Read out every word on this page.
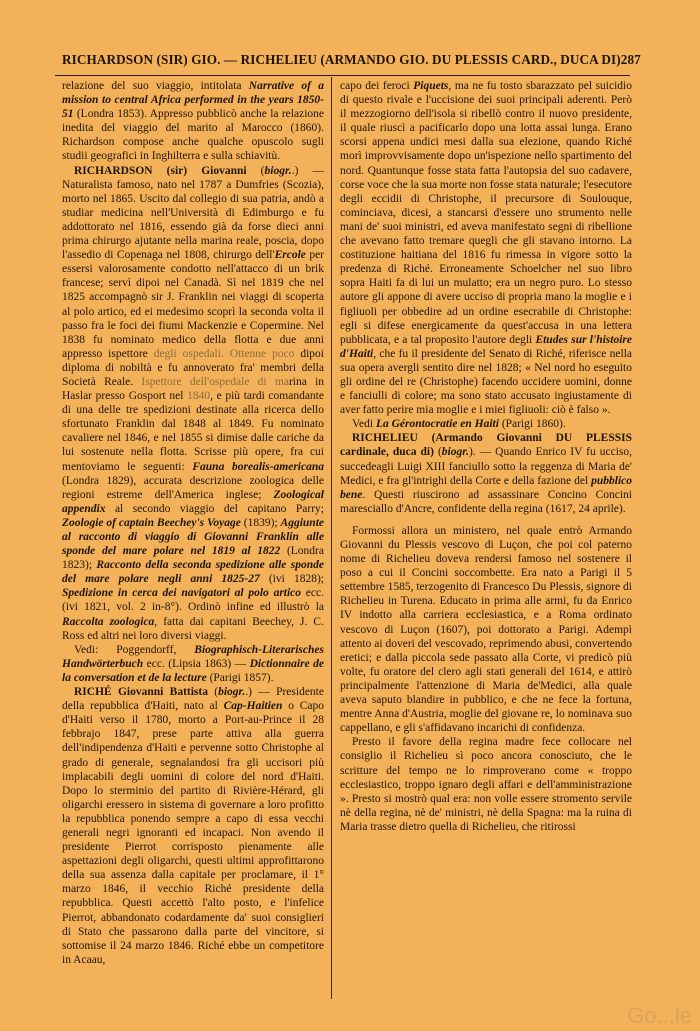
RICHARDSON (SIR) GIO. — RICHELIEU (ARMANDO GIO. DU PLESSIS CARD., DUCA DI) 287

relazione del suo viaggio, intitolata Narrative of a mission to central Africa performed in the years 1850-51 (Londra 1853). Appresso pubblicò anche la relazione inedita del viaggio del marito al Marocco (1860). Richardson compose anche qualche opuscolo sugli studii geografici in Inghilterra e sulla schiavitù.

RICHARDSON (sir) Giovanni (biogr..) — Naturalista famoso, nato nel 1787 a Dumfries (Scozia), morto nel 1865. Uscito dal collegio di sua patria, andò a studiar medicina nell'Università di Edimburgo e fu addottorato nel 1816, essendo già da forse dieci anni prima chirurgo ajutante nella marina reale, poscia, dopo l'assedio di Copenaga nel 1808, chirurgo dell'Ercole per essersi valorosamente condotto nell'attacco di un brik francese; servì dipoi nel Canadà. Sì nel 1819 che nel 1825 accompagnò sir J. Franklin nei viaggi di scoperta al polo artico, ed ei medesimo scoprì la seconda volta il passo fra le foci dei fiumi Mackenzie e Copermine. Nel 1838 fu nominato medico della flotta e due anni appresso ispettore degli ospedali. Ottenne poco dipoi diploma di nobiltà e fu annoverato fra' membri della Società Reale. Ispettore dell'ospedale di marina in Haslar presso Gosport nel 1840, e più tardi comandante di una delle tre spedizioni destinate alla ricerca dello sfortunato Franklin dal 1848 al 1849. Fu nominato cavaliere nel 1846, e nel 1855 si dimise dalle cariche da lui sostenute nella flotta. Scrisse più opere, fra cui mentoviamo le seguenti: Fauna borealis-americana (Londra 1829), accurata descrizione zoologica delle regioni estreme dell'America inglese; Zoological appendix al secondo viaggio del capitano Parry; Zoologie of captain Beechey's Voyage (1839); Aggiunte al racconto di viaggio di Giovanni Franklin alle sponde del mare polare nel 1819 al 1822 (Londra 1823); Racconto della seconda spedizione alle sponde del mare polare negli anni 1825-27 (ivi 1828); Spedizione in cerca dei navigatori al polo artico ecc. (ivi 1821, vol. 2 in-8°). Ordinò infine ed illustrò la Raccolta zoologica, fatta dai capitani Beechey, J. C. Ross ed altri nei loro diversi viaggi.

Vedi: Poggendorff, Biographisch-Literarisches Handwörterbuch ecc. (Lipsia 1863) — Dictionnaire de la conversation et de la lecture (Parigi 1857).

RICHÉ Giovanni Battista (biogr..) — Presidente della repubblica d'Haiti, nato al Cap-Haitien o Capo d'Haiti verso il 1780, morto a Port-au-Prince il 28 febbrajo 1847, prese parte attiva alla guerra dell'indipendenza d'Haiti e pervenne sotto Christophe al grado di generale, segnalandosi fra gli uccisori più implacabili degli uomini di colore del nord d'Haiti. Dopo lo sterminio del partito di Rivière-Hérard, gli oligarchi eressero in sistema di governare a loro profitto la repubblica ponendo sempre a capo di essa vecchi generali negri ignoranti ed incapaci. Non avendo il presidente Pierrot corrisposto pienamente alle aspettazioni degli oligarchi, questi ultimi approfittarono della sua assenza dalla capitale per proclamare, il 1° marzo 1846, il vecchio Riché presidente della repubblica. Questi accettò l'alto posto, e l'infelice Pierrot, abbandonato codardamente da' suoi consiglieri di Stato che passarono dalla parte del vincitore, si sottomise il 24 marzo 1846. Riché ebbe un competitore in Acaau,

capo dei feroci Piquets, ma ne fu tosto sbarazzato pel suicidio di questo rivale e l'uccisione dei suoi principali aderenti. Però il mezzogiorno dell'isola si ribellò contro il nuovo presidente, il quale riuscì a pacificarlo dopo una lotta assai lunga. Erano scorsi appena undici mesi dalla sua elezione, quando Riché morì improvvisamente dopo un'ispezione nello spartimento del nord. Quantunque fosse stata fatta l'autopsia del suo cadavere, corse voce che la sua morte non fosse stata naturale; l'esecutore degli eccidii di Christophe, il precursore di Soulouque, cominciava, dicesi, a stancarsi d'essere uno strumento nelle mani de' suoi ministri, ed aveva manifestato segni di ribellione che avevano fatto tremare quegli che gli stavano intorno. La costituzione haitiana del 1816 fu rimessa in vigore sotto la predenza di Riché. Erroneamente Schoelcher nel suo libro sopra Haiti fa di lui un mulatto; era un negro puro. Lo stesso autore gli appone di avere ucciso di propria mano la moglie e i figliuoli per obbedire ad un ordine esecrabile di Christophe: egli si difese energicamente da quest'accusa in una lettera pubblicata, e a tal proposito l'autore degli Etudes sur l'histoire d'Haiti, che fu il presidente del Senato di Riché, riferisce nella sua opera avergli sentito dire nel 1828; « Nel nord ho eseguito gli ordine del re (Christophe) facendo uccidere uomini, donne e fanciulli di colore; ma sono stato accusato ingiustamente di aver fatto perire mia moglie e i miei figliuoli: ciò è falso ».

Vedi La Gérontocratie en Haiti (Parigi 1860).

RICHELIEU (Armando Giovanni DU PLESSIS cardinale, duca di) (biogr.). — Quando Enrico IV fu ucciso, succedeagli Luigi XIII fanciullo sotto la reggenza di Maria de' Medici, e fra gl'intrighi della Corte e della fazione del pubblico bene. Questi riuscirono ad assassinare Concino Concini maresciallo d'Ancre, confidente della regina (1617, 24 aprile).

Formossi allora un ministero, nel quale entrò Armando Giovanni du Plessis vescovo di Luçon, che poi col paterno nome di Richelieu doveva rendersi famoso nel sostenere il poso a cui il Concini soccombette. Era nato a Parigi il 5 settembre 1585, terzogenito di Francesco Du Plessis, signore di Richelieu in Turena. Educato in prima alle armi, fu da Enrico IV indotto alla carriera ecclesiastica, e a Roma ordinato vescovo di Luçon (1607), poi dottorato a Parigi. Adempì attento ai doveri del vescovado, reprimendo abusi, convertendo eretici; e dalla piccola sede passato alla Corte, vi predicò più volte, fu oratore del clero agli stati generali del 1614, e attirò principalmente l'attenzione di Maria de'Medici, alla quale aveva saputo blandire in pubblico, e che ne fece la fortuna, mentre Anna d'Austria, moglie del giovane re, lo nominava suo cappellano, e gli s'affidavano incarichi di confidenza.

Presto il favore della regina madre fece collocare nel consiglio il Richelieu sì poco ancora conosciuto, che le scritture del tempo ne lo rimproverano come « troppo ecclesiastico, troppo ignaro degli affari e dell'amministrazione ». Presto si mostrò qual era: non volle essere stromento servile nè della regina, nè de' ministri, nè della Spagna: ma la ruina di Maria trasse dietro quella di Richelieu, che ritirossi

Go...le
